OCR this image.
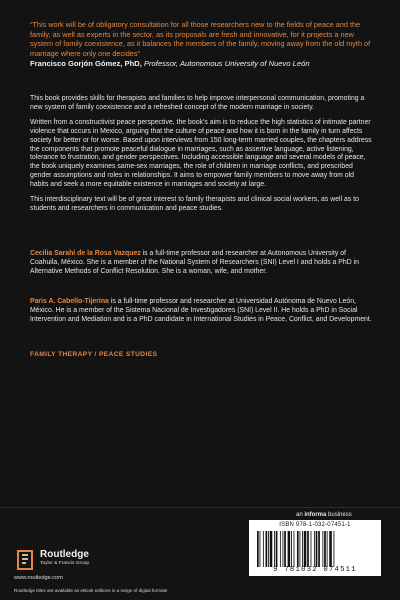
“This work will be of obligatory consultation for all those researchers new to the fields of peace and the family, as well as experts in the sector, as its proposals are fresh and innovative, for it projects a new system of family coexistence, as it balances the members of the family, moving away from the old myth of marriage where only one decides”
Francisco Gorjón Gómez, PhD, Professor, Autonomous University of Nuevo León

This book provides skills for therapists and families to help improve interpersonal communication, promoting a new system of family coexistence and a refreshed concept of the modern marriage in society.

Written from a constructivist peace perspective, the book’s aim is to reduce the high statistics of intimate partner violence that occurs in Mexico, arguing that the culture of peace and how it is born in the family in turn affects society for better or for worse. Based upon interviews from 150 long-term married couples, the chapters address the components that promote peaceful dialogue in marriages, such as assertive language, active listening, tolerance to frustration, and gender perspectives. Including accessible language and several models of peace, the book uniquely examines same-sex marriages, the role of children in marriage conflicts, and prescribed gender assumptions and roles in relationships. It aims to empower family members to move away from old habits and seek a more equitable existence in marriages and society at large.

This interdisciplinary text will be of great interest to family therapists and clinical social workers, as well as to students and researchers in communication and peace studies.

Cecilia Sarahí de la Rosa Vazquez is a full-time professor and researcher at Autonomous University of Coahuila, México. She is a member of the National System of Researchers (SNI) Level I and holds a PhD in Alternative Methods of Conflict Resolution. She is a woman, wife, and mother.
Paris A. Cabello-Tijerina is a full-time professor and researcher at Universidad Autónoma de Nuevo León, México. He is a member of the Sistema Nacional de Investigadores (SNI) Level II. He holds a PhD in Social Intervention and Mediation and is a PhD candidate in International Studies in Peace, Conflict, and Development.
FAMILY THERAPY / PEACE STUDIES
Routledge
Taylor & Francis Group
www.routledge.com
Routledge titles are available as eBook editions in a range of digital formats
an informa business
ISBN 978-1-032-07451-1
9 781032 074511
